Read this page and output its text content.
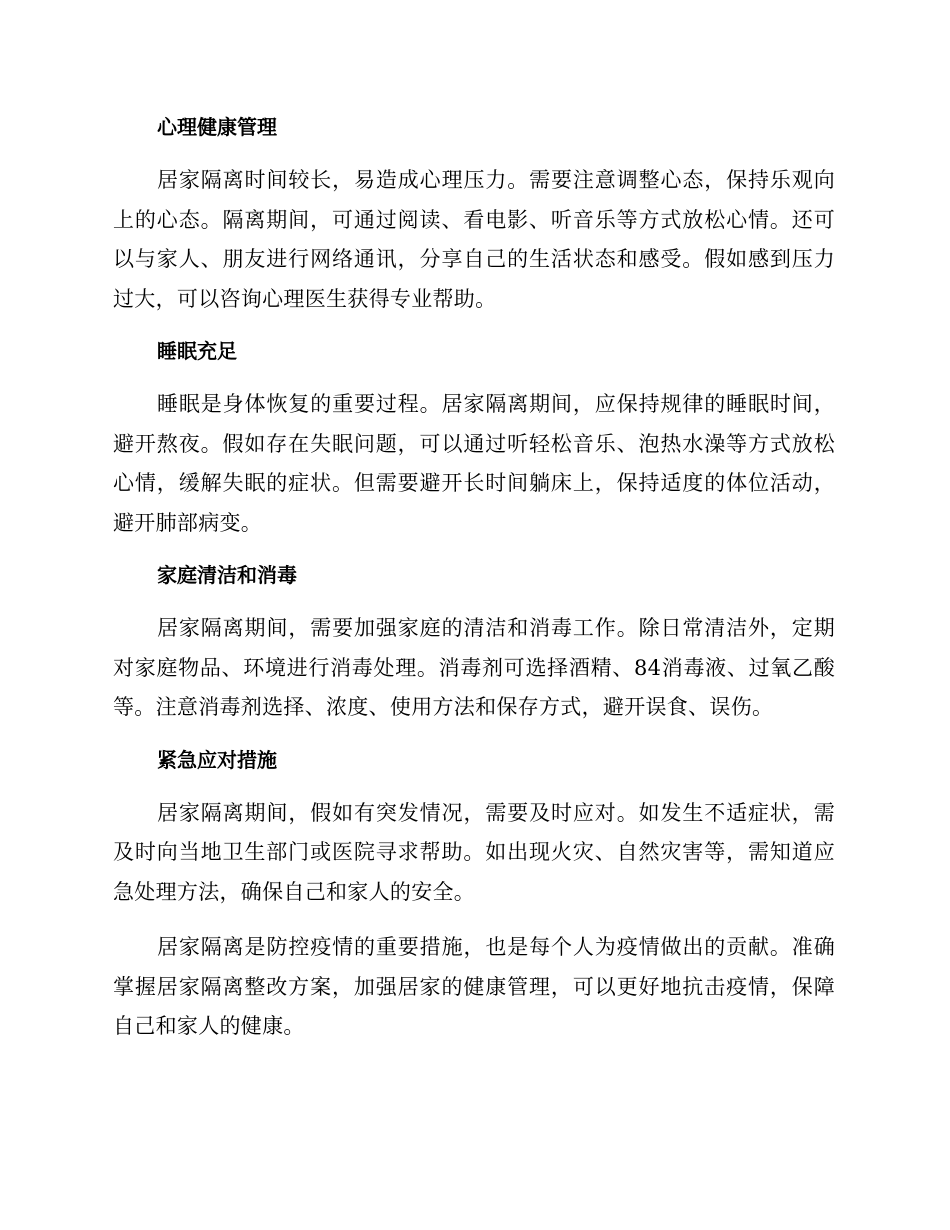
心理健康管理

居家隔离时间较长，易造成心理压力。需要注意调整心态，保持乐观向上的心态。隔离期间，可通过阅读、看电影、听音乐等方式放松心情。还可以与家人、朋友进行网络通讯，分享自己的生活状态和感受。假如感到压力过大，可以咨询心理医生获得专业帮助。

睡眠充足

睡眠是身体恢复的重要过程。居家隔离期间，应保持规律的睡眠时间，避开熬夜。假如存在失眠问题，可以通过听轻松音乐、泡热水澡等方式放松心情，缓解失眠的症状。但需要避开长时间躺床上，保持适度的体位活动，避开肺部病变。

家庭清洁和消毒

居家隔离期间，需要加强家庭的清洁和消毒工作。除日常清洁外，定期对家庭物品、环境进行消毒处理。消毒剂可选择酒精、84消毒液、过氧乙酸等。注意消毒剂选择、浓度、使用方法和保存方式，避开误食、误伤。

紧急应对措施

居家隔离期间，假如有突发情况，需要及时应对。如发生不适症状，需及时向当地卫生部门或医院寻求帮助。如出现火灾、自然灾害等，需知道应急处理方法，确保自己和家人的安全。

居家隔离是防控疫情的重要措施，也是每个人为疫情做出的贡献。准确掌握居家隔离整改方案，加强居家的健康管理，可以更好地抗击疫情，保障自己和家人的健康。
